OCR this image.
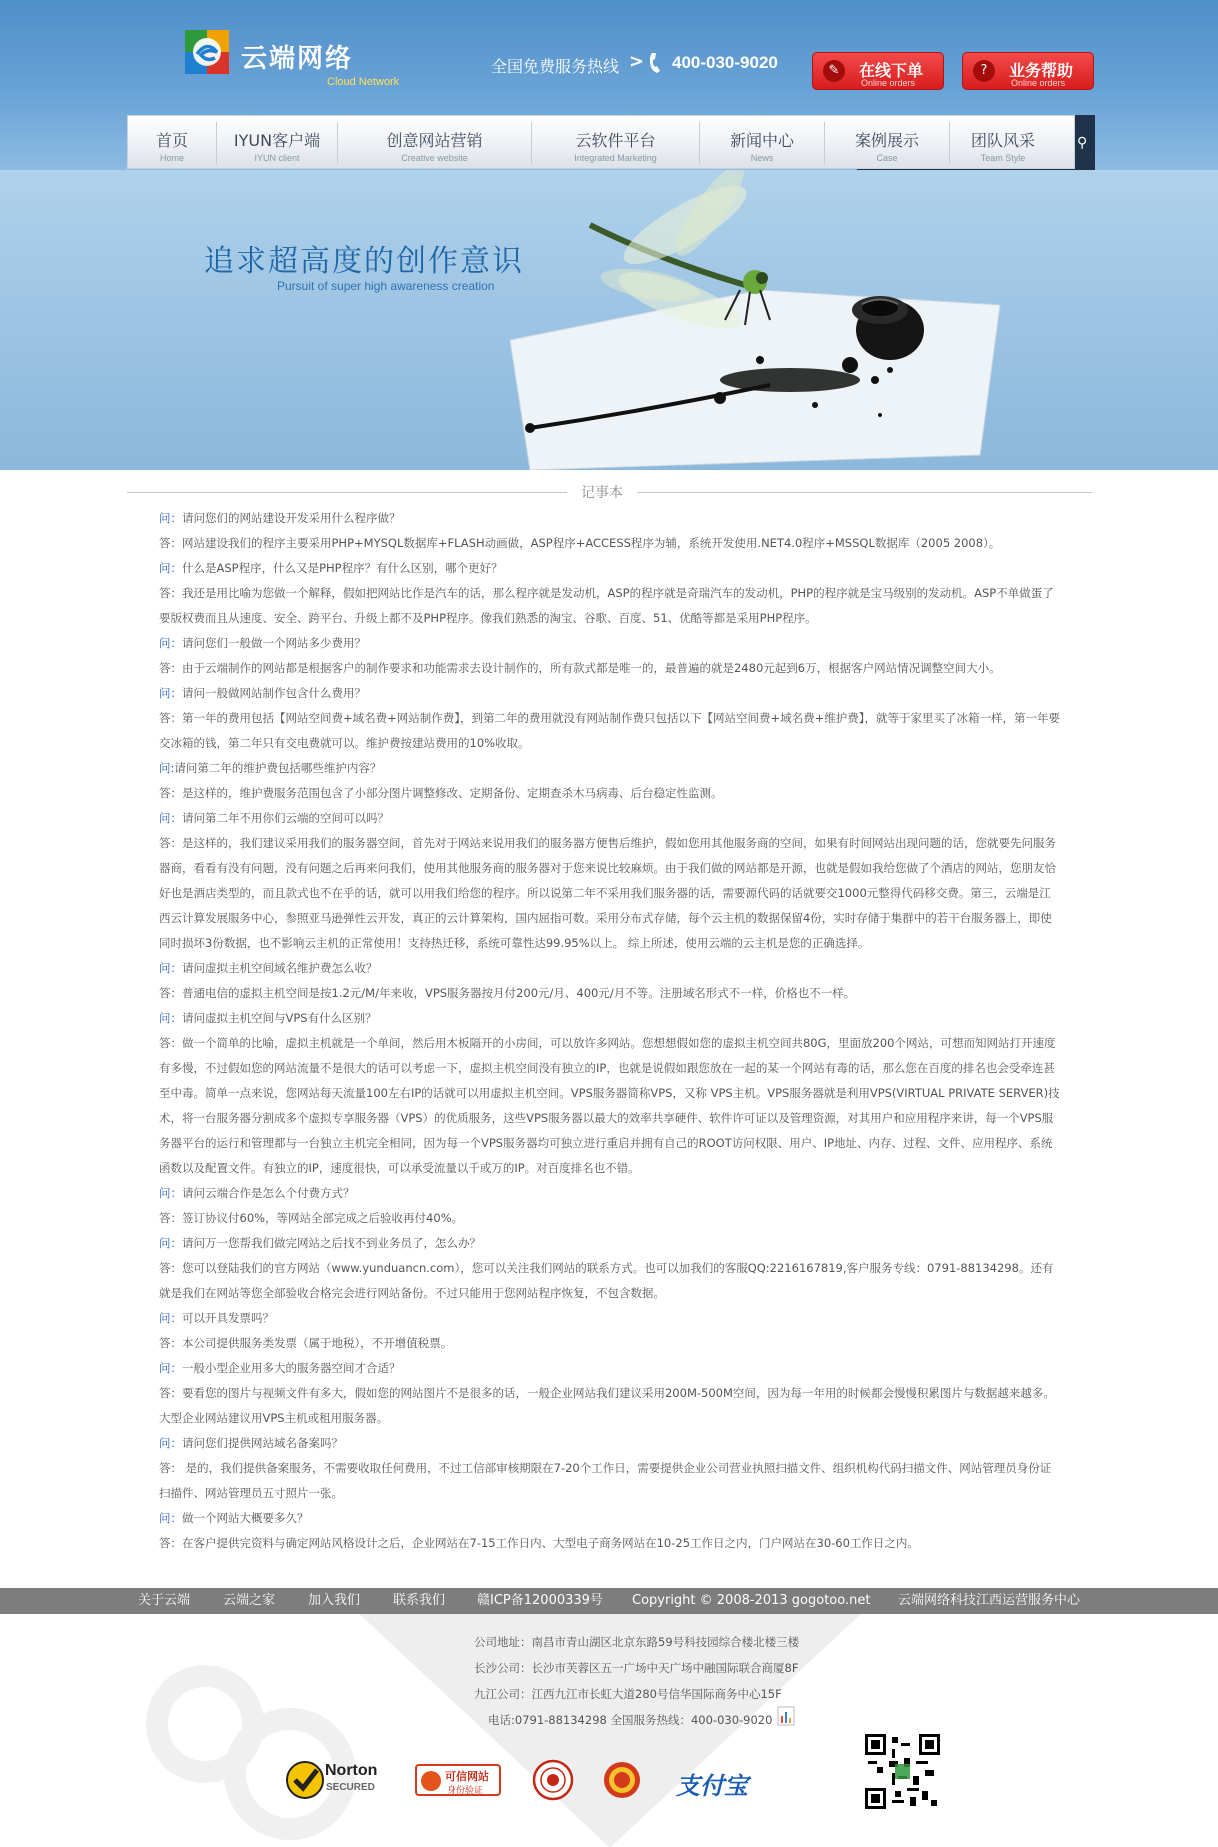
云端网络
Cloud Network
全国免费服务热线 > 400-030-9020	✎	在线下单
Online orders
?	业务帮助
Online orders
首页
Home
IYUN客户端
IYUN client
创意网站营销
Creative website
云软件平台
Integrated Marketing
新闻中心
News
案例展示
Case
团队风采
Team Style
⚲
追求超高度的创作意识
Pursuit of super high awareness creation
记事本

问：请问您们的网站建设开发采用什么程序做？

答：网站建设我们的程序主要采用PHP+MYSQL数据库+FLASH动画做，ASP程序+ACCESS程序为辅，系统开发使用.NET4.0程序+MSSQL数据库（2005 2008）。

问：什么是ASP程序，什么又是PHP程序？有什么区别，哪个更好？

答：我还是用比喻为您做一个解释，假如把网站比作是汽车的话，那么程序就是发动机，ASP的程序就是奇瑞汽车的发动机，PHP的程序就是宝马级别的发动机。ASP不单做蛋了要版权费而且从速度、安全、跨平台、升级上都不及PHP程序。像我们熟悉的淘宝、谷歌、百度、51、优酷等都是采用PHP程序。

问：请问您们一般做一个网站多少费用？

答：由于云端制作的网站都是根据客户的制作要求和功能需求去设计制作的，所有款式都是唯一的，最普遍的就是2480元起到6万，根据客户网站情况调整空间大小。

问：请问一般做网站制作包含什么费用？

答：第一年的费用包括【网站空间费+域名费+网站制作费】，到第二年的费用就没有网站制作费只包括以下【网站空间费+域名费+维护费】，就等于家里买了冰箱一样，第一年要交冰箱的钱，第二年只有交电费就可以。维护费按建站费用的10%收取。

问:请问第二年的维护费包括哪些维护内容？

答：是这样的，维护费服务范围包含了小部分图片调整修改、定期备份、定期查杀木马病毒、后台稳定性监测。

问：请问第二年不用你们云端的空间可以吗？

答：是这样的，我们建议采用我们的服务器空间，首先对于网站来说用我们的服务器方便售后维护，假如您用其他服务商的空间，如果有时间网站出现问题的话，您就要先问服务器商，看看有没有问题，没有问题之后再来问我们，使用其他服务商的服务器对于您来说比较麻烦。由于我们做的网站都是开源，也就是假如我给您做了个酒店的网站，您朋友恰好也是酒店类型的，而且款式也不在乎的话，就可以用我们给您的程序。所以说第二年不采用我们服务器的话，需要源代码的话就要交1000元整得代码移交费。第三，云端是江西云计算发展服务中心，参照亚马逊弹性云开发，真正的云计算架构，国内屈指可数。采用分布式存储，每个云主机的数据保留4份，实时存储于集群中的若干台服务器上，即使同时损坏3份数据，也不影响云主机的正常使用！支持热迁移，系统可靠性达99.95%以上。 综上所述，使用云端的云主机是您的正确选择。

问：请问虚拟主机空间域名维护费怎么收？

答：普通电信的虚拟主机空间是按1.2元/M/年来收，VPS服务器按月付200元/月、400元/月不等。注册域名形式不一样，价格也不一样。

问：请问虚拟主机空间与VPS有什么区别？

答：做一个简单的比喻，虚拟主机就是一个单间，然后用木板隔开的小房间，可以放许多网站。您想想假如您的虚拟主机空间共80G，里面放200个网站，可想而知网站打开速度有多慢，不过假如您的网站流量不是很大的话可以考虑一下，虚拟主机空间没有独立的IP，也就是说假如跟您放在一起的某一个网站有毒的话，那么您在百度的排名也会受牵连甚至中毒。简单一点来说，您网站每天流量100左右IP的话就可以用虚拟主机空间。VPS服务器简称VPS，又称 VPS主机。VPS服务器就是利用VPS(VIRTUAL PRIVATE SERVER)技术，将一台服务器分割成多个虚拟专享服务器（VPS）的优质服务，这些VPS服务器以最大的效率共享硬件、软件许可证以及管理资源，对其用户和应用程序来讲，每一个VPS服务器平台的运行和管理都与一台独立主机完全相同，因为每一个VPS服务器均可独立进行重启并拥有自己的ROOT访问权限、用户、IP地址、内存、过程、文件、应用程序、系统函数以及配置文件。有独立的IP，速度很快，可以承受流量以千或万的IP。对百度排名也不错。

问：请问云端合作是怎么个付费方式？

答：签订协议付60%，等网站全部完成之后验收再付40%。

问：请问万一您帮我们做完网站之后找不到业务员了，怎么办？

答：您可以登陆我们的官方网站（www.yunduancn.com），您可以关注我们网站的联系方式。也可以加我们的客服QQ:2216167819,客户服务专线：0791-88134298。还有就是我们在网站等您全部验收合格完会进行网站备份。不过只能用于您网站程序恢复，不包含数据。

问：可以开具发票吗？

答：本公司提供服务类发票（属于地税），不开增值税票。

问：一般小型企业用多大的服务器空间才合适？

答：要看您的图片与视频文件有多大，假如您的网站图片不是很多的话，一般企业网站我们建议采用200M-500M空间，因为每一年用的时候都会慢慢积累图片与数据越来越多。大型企业网站建议用VPS主机或租用服务器。

问：请问您们提供网站域名备案吗？

答： 是的，我们提供备案服务，不需要收取任何费用，不过工信部审核期限在7-20个工作日，需要提供企业公司营业执照扫描文件、组织机构代码扫描文件、网站管理员身份证扫描件、网站管理员五寸照片一张。

问：做一个网站大概要多久？

答：在客户提供完资料与确定网站风格设计之后，企业网站在7-15工作日内、大型电子商务网站在10-25工作日之内，门户网站在30-60工作日之内。

关于云端	云端之家	加入我们	联系我们 赣ICP备12000339号 Copyright © 2008-2013 gogotoo.net 云端网络科技江西运营服务中心
公司地址：南昌市青山湖区北京东路59号科技园综合楼北楼三楼
长沙公司：长沙市芙蓉区五一广场中天广场中融国际联合商厦8F
九江公司：江西九江市长虹大道280号信华国际商务中心15F
电话:0791-88134298 全国服务热线：400-030-9020
Norton
SECURED
可信网站
身份验证	支付宝
